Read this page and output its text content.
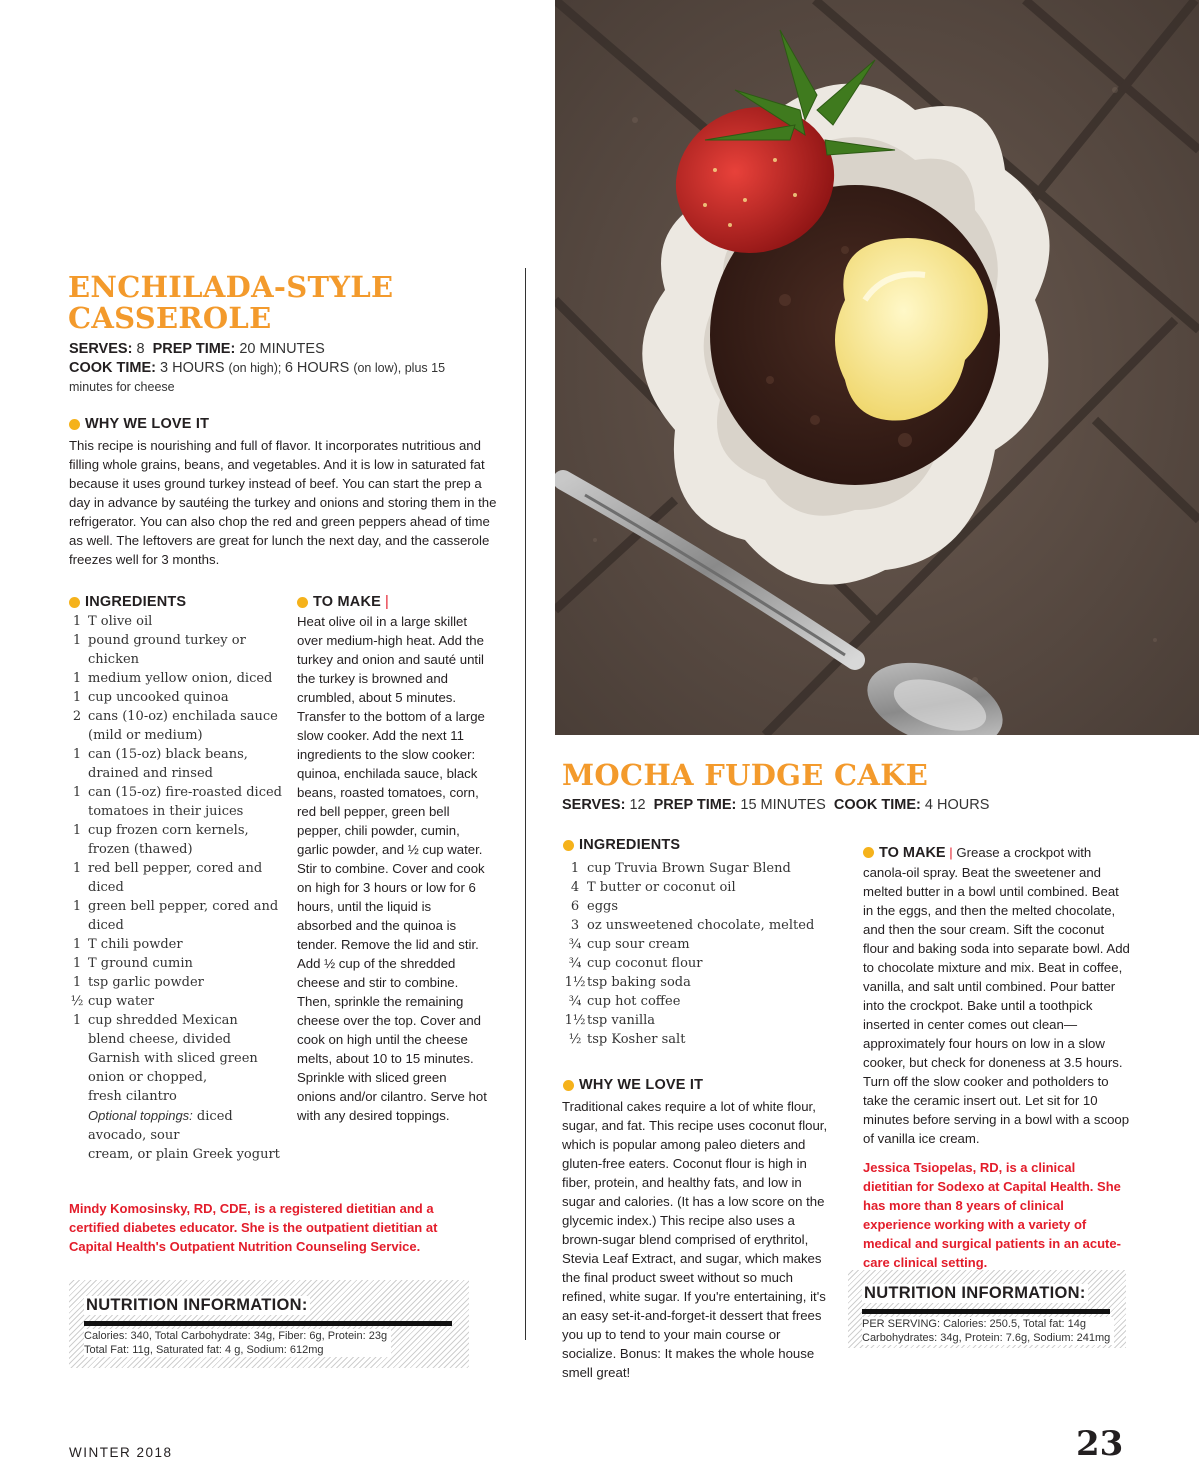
ENCHILADA-STYLE
CASSEROLE
SERVES: 8 PREP TIME: 20 MINUTES
COOK TIME: 3 HOURS (on high); 6 HOURS (on low), plus 15
minutes for cheese
WHY WE LOVE IT
This recipe is nourishing and full of flavor. It incorporates nutritious and filling whole grains, beans, and vegetables. And it is low in saturated fat because it uses ground turkey instead of beef. You can start the prep a day in advance by sautéing the turkey and onions and storing them in the refrigerator. You can also chop the red and green peppers ahead of time as well. The leftovers are great for lunch the next day, and the casserole freezes well for 3 months.
INGREDIENTS
1 T olive oil
1 pound ground turkey or
chicken
1 medium yellow onion, diced
1 cup uncooked quinoa
2 cans (10-oz) enchilada sauce
(mild or medium)
1 can (15-oz) black beans,
drained and rinsed
1 can (15-oz) fire-roasted diced
tomatoes in their juices
1 cup frozen corn kernels,
frozen (thawed)
1 red bell pepper, cored and
diced
1 green bell pepper, cored and
diced
1 T chili powder
1 T ground cumin
1 tsp garlic powder
½ cup water
1 cup shredded Mexican
blend cheese, divided
Garnish with sliced green
onion or chopped,
fresh cilantro
Optional toppings: diced
avocado, sour
cream, or plain Greek yogurt
TO MAKE |
Heat olive oil in a large skillet over medium-high heat. Add the turkey and onion and sauté until the turkey is browned and crumbled, about 5 minutes. Transfer to the bottom of a large slow cooker. Add the next 11 ingredients to the slow cooker: quinoa, enchilada sauce, black beans, roasted tomatoes, corn, red bell pepper, green bell pepper, chili powder, cumin, garlic powder, and ½ cup water. Stir to combine. Cover and cook on high for 3 hours or low for 6 hours, until the liquid is absorbed and the quinoa is tender. Remove the lid and stir. Add ½ cup of the shredded cheese and stir to combine. Then, sprinkle the remaining cheese over the top. Cover and cook on high until the cheese melts, about 10 to 15 minutes. Sprinkle with sliced green onions and/or cilantro. Serve hot with any desired toppings.
Mindy Komosinsky, RD, CDE, is a registered dietitian and a certified diabetes educator. She is the outpatient dietitian at Capital Health's Outpatient Nutrition Counseling Service.
NUTRITION INFORMATION:
Calories: 340, Total Carbohydrate: 34g, Fiber: 6g, Protein: 23g
Total Fat: 11g, Saturated fat: 4 g, Sodium: 612mg
MOCHA FUDGE CAKE
SERVES: 12 PREP TIME: 15 MINUTES COOK TIME: 4 HOURS
INGREDIENTS
1 cup Truvia Brown Sugar Blend
4 T butter or coconut oil
6 eggs
3 oz unsweetened chocolate, melted
¾ cup sour cream
¾ cup coconut flour
1½ tsp baking soda
¾ cup hot coffee
1½ tsp vanilla
½ tsp Kosher salt
WHY WE LOVE IT
Traditional cakes require a lot of white flour, sugar, and fat. This recipe uses coconut flour, which is popular among paleo dieters and gluten-free eaters. Coconut flour is high in fiber, protein, and healthy fats, and low in sugar and calories. (It has a low score on the glycemic index.) This recipe also uses a brown-sugar blend comprised of erythritol, Stevia Leaf Extract, and sugar, which makes the final product sweet without so much refined, white sugar. If you're entertaining, it's an easy set-it-and-forget-it dessert that frees you up to tend to your main course or socialize. Bonus: It makes the whole house smell great!
TO MAKE | Grease a crockpot with canola-oil spray. Beat the sweetener and melted butter in a bowl until combined. Beat in the eggs, and then the melted chocolate, and then the sour cream. Sift the coconut flour and baking soda into separate bowl. Add to chocolate mixture and mix. Beat in coffee, vanilla, and salt until combined. Pour batter into the crockpot. Bake until a toothpick inserted in center comes out clean—approximately four hours on low in a slow cooker, but check for doneness at 3.5 hours. Turn off the slow cooker and potholders to take the ceramic insert out. Let sit for 10 minutes before serving in a bowl with a scoop of vanilla ice cream.
Jessica Tsiopelas, RD, is a clinical dietitian for Sodexo at Capital Health. She has more than 8 years of clinical experience working with a variety of medical and surgical patients in an acute-care clinical setting.
NUTRITION INFORMATION:
PER SERVING: Calories: 250.5, Total fat: 14g
Carbohydrates: 34g, Protein: 7.6g, Sodium: 241mg
WINTER 2018	23
